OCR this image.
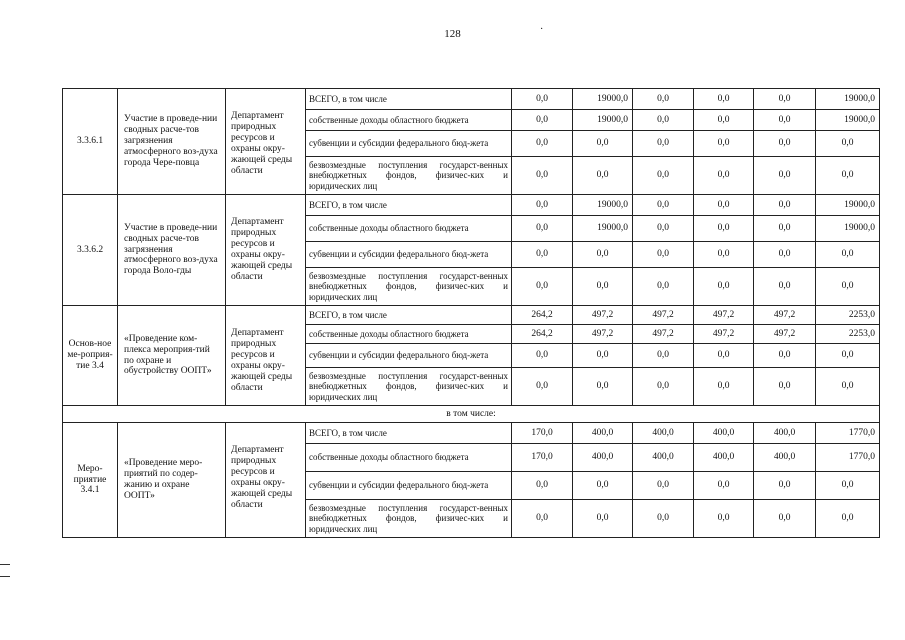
128	·
3.3.6.1	Участие в проведе-нии сводных расче-тов загрязнения атмосферного воз-духа города Чере-повца	Департамент природных ресурсов и охраны окру-жающей среды области	ВСЕГО, в том числе	0,0	19000,0	0,0	0,0	0,0	19000,0
			собственные доходы областного бюджета	0,0	19000,0	0,0	0,0	0,0	19000,0
			субвенции и субсидии федерального бюд-жета	0,0	0,0	0,0	0,0	0,0	0,0
			безвозмездные поступления государст-венных внебюджетных фондов, физичес-ких и юридических лиц	0,0	0,0	0,0	0,0	0,0	0,0
3.3.6.2	Участие в проведе-нии сводных расче-тов загрязнения атмосферного воз-духа города Воло-гды	Департамент природных ресурсов и охраны окру-жающей среды области	ВСЕГО, в том числе	0,0	19000,0	0,0	0,0	0,0	19000,0
			собственные доходы областного бюджета	0,0	19000,0	0,0	0,0	0,0	19000,0
			субвенции и субсидии федерального бюд-жета	0,0	0,0	0,0	0,0	0,0	0,0
			безвозмездные поступления государст-венных внебюджетных фондов, физичес-ких и юридических лиц	0,0	0,0	0,0	0,0	0,0	0,0
Основ-ное ме-роприя-тие 3.4	«Проведение ком-плекса мероприя-тий по охране и обустройству ООПТ»	Департамент природных ресурсов и охраны окру-жающей среды области	ВСЕГО, в том числе	264,2	497,2	497,2	497,2	497,2	2253,0
			собственные доходы областного бюджета	264,2	497,2	497,2	497,2	497,2	2253,0
			субвенции и субсидии федерального бюд-жета	0,0	0,0	0,0	0,0	0,0	0,0
			безвозмездные поступления государст-венных внебюджетных фондов, физичес-ких и юридических лиц	0,0	0,0	0,0	0,0	0,0	0,0
в том числе:									
Меро-приятие 3.4.1	«Проведение меро-приятий по содер-жанию и охране ООПТ»	Департамент природных ресурсов и охраны окру-жающей среды области	ВСЕГО, в том числе	170,0	400,0	400,0	400,0	400,0	1770,0
			собственные доходы областного бюджета	170,0	400,0	400,0	400,0	400,0	1770,0
			субвенции и субсидии федерального бюд-жета	0,0	0,0	0,0	0,0	0,0	0,0
			безвозмездные поступления государст-венных внебюджетных фондов, физичес-ких и юридических лиц	0,0	0,0	0,0	0,0	0,0	0,0
